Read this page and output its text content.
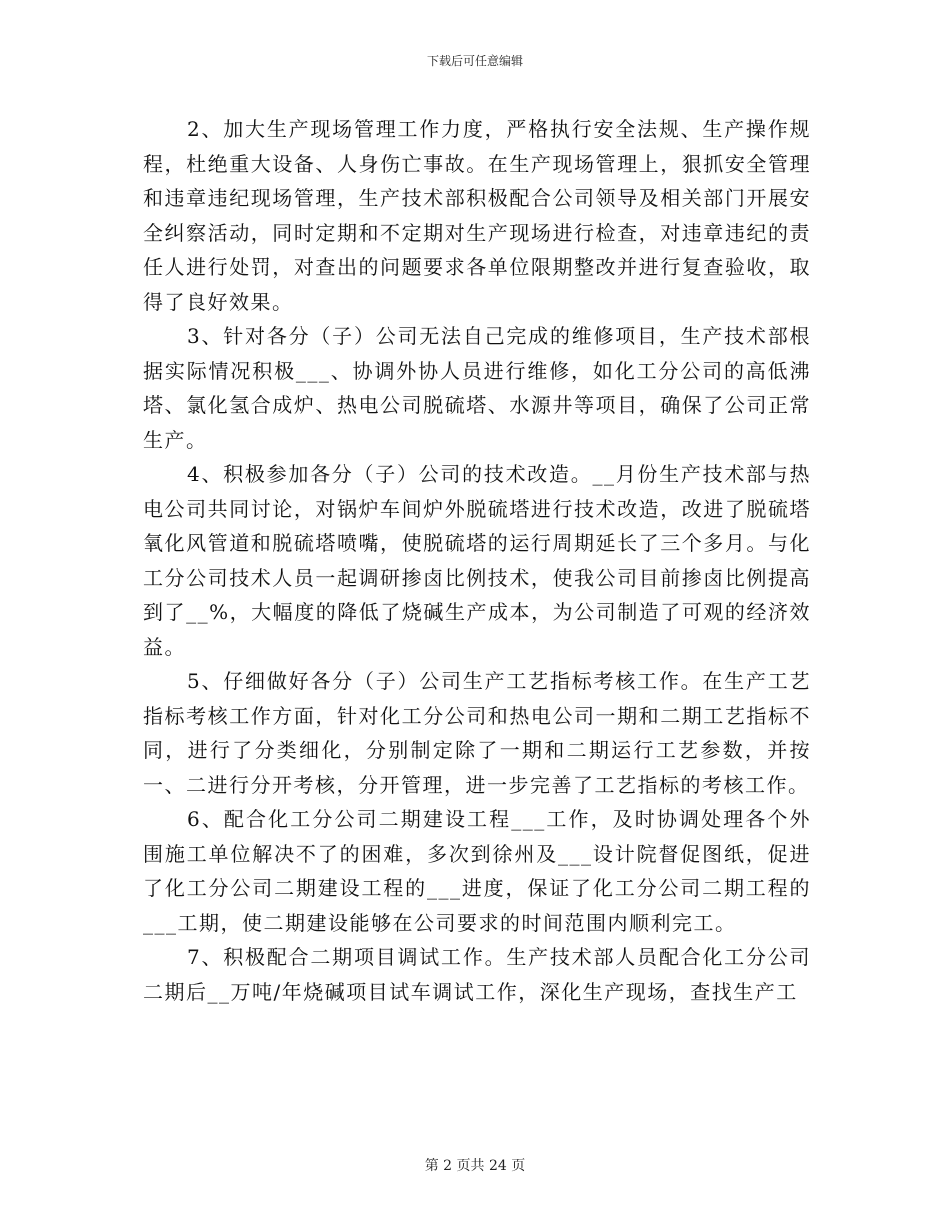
下载后可任意编辑

2、加大生产现场管理工作力度，严格执行安全法规、生产操作规程，杜绝重大设备、人身伤亡事故。在生产现场管理上，狠抓安全管理和违章违纪现场管理，生产技术部积极配合公司领导及相关部门开展安全纠察活动，同时定期和不定期对生产现场进行检查，对违章违纪的责任人进行处罚，对查出的问题要求各单位限期整改并进行复查验收，取得了良好效果。

3、针对各分（子）公司无法自己完成的维修项目，生产技术部根据实际情况积极___、协调外协人员进行维修，如化工分公司的高低沸塔、氯化氢合成炉、热电公司脱硫塔、水源井等项目，确保了公司正常生产。

4、积极参加各分（子）公司的技术改造。__月份生产技术部与热电公司共同讨论，对锅炉车间炉外脱硫塔进行技术改造，改进了脱硫塔氧化风管道和脱硫塔喷嘴，使脱硫塔的运行周期延长了三个多月。与化工分公司技术人员一起调研掺卤比例技术，使我公司目前掺卤比例提高到了__%，大幅度的降低了烧碱生产成本，为公司制造了可观的经济效益。

5、仔细做好各分（子）公司生产工艺指标考核工作。在生产工艺指标考核工作方面，针对化工分公司和热电公司一期和二期工艺指标不同，进行了分类细化，分别制定除了一期和二期运行工艺参数，并按一、二进行分开考核，分开管理，进一步完善了工艺指标的考核工作。

6、配合化工分公司二期建设工程___工作，及时协调处理各个外围施工单位解决不了的困难，多次到徐州及___设计院督促图纸，促进了化工分公司二期建设工程的___进度，保证了化工分公司二期工程的___工期，使二期建设能够在公司要求的时间范围内顺利完工。

7、积极配合二期项目调试工作。生产技术部人员配合化工分公司二期后__万吨/年烧碱项目试车调试工作，深化生产现场，查找生产工

第 2 页共 24 页
